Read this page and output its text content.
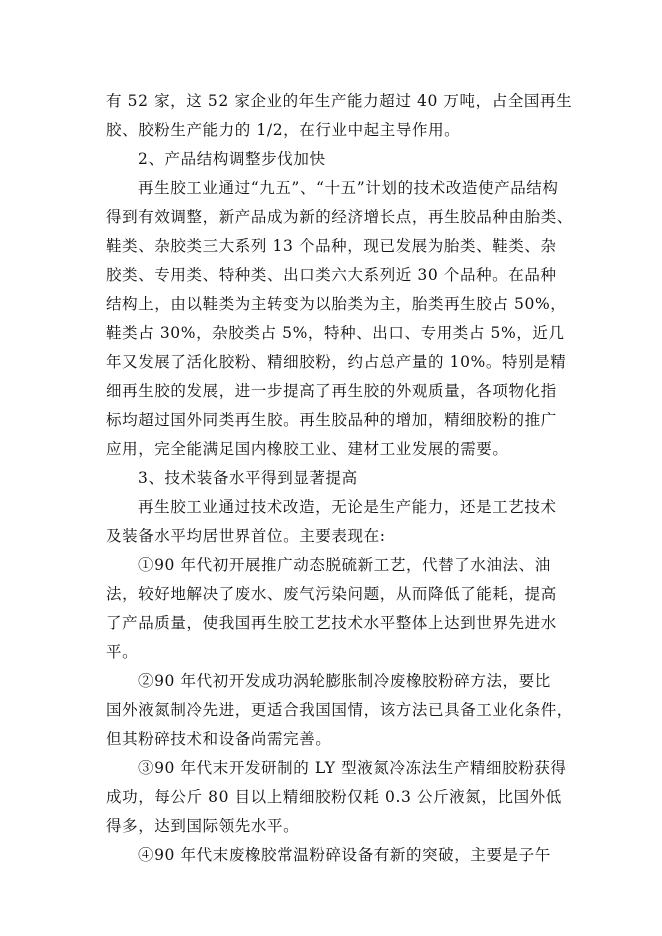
有 52 家，这 52 家企业的年生产能力超过 40 万吨，占全国再生
胶、胶粉生产能力的 1/2，在行业中起主导作用。
2、产品结构调整步伐加快
再生胶工业通过“九五”、“十五”计划的技术改造使产品结构
得到有效调整，新产品成为新的经济增长点，再生胶品种由胎类、
鞋类、杂胶类三大系列 13 个品种，现已发展为胎类、鞋类、杂
胶类、专用类、特种类、出口类六大系列近 30 个品种。在品种
结构上，由以鞋类为主转变为以胎类为主，胎类再生胶占 50%，
鞋类占 30%，杂胶类占 5%，特种、出口、专用类占 5%，近几
年又发展了活化胶粉、精细胶粉，约占总产量的 10%。特别是精
细再生胶的发展，进一步提高了再生胶的外观质量，各项物化指
标均超过国外同类再生胶。再生胶品种的增加，精细胶粉的推广
应用，完全能满足国内橡胶工业、建材工业发展的需要。
3、技术装备水平得到显著提高
再生胶工业通过技术改造，无论是生产能力，还是工艺技术
及装备水平均居世界首位。主要表现在:
①90 年代初开展推广动态脱硫新工艺，代替了水油法、油
法，较好地解决了废水、废气污染问题，从而降低了能耗，提高
了产品质量，使我国再生胶工艺技术水平整体上达到世界先进水
平。
②90 年代初开发成功涡轮膨胀制冷废橡胶粉碎方法，要比
国外液氮制冷先进，更适合我国国情，该方法已具备工业化条件，
但其粉碎技术和设备尚需完善。
③90 年代末开发研制的 LY 型液氮冷冻法生产精细胶粉获得
成功，每公斤 80 目以上精细胶粉仅耗 0.3 公斤液氮，比国外低
得多，达到国际领先水平。
④90 年代末废橡胶常温粉碎设备有新的突破，主要是子午
